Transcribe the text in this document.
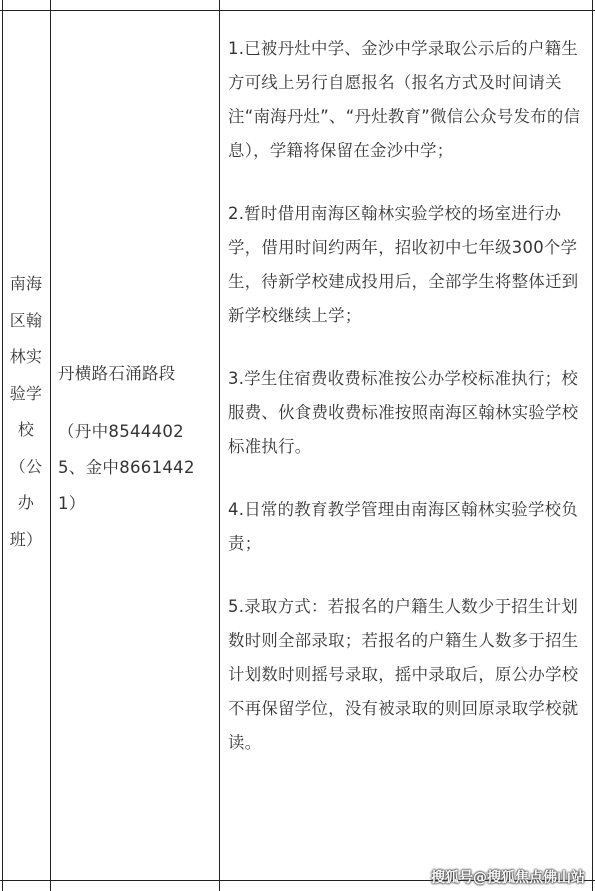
南海
区翰
林实
验学
校
（公
办
班）
丹横路石涌路段
（丹中8544402
5、金中8661442
1）

1.已被丹灶中学、金沙中学录取公示后的户籍生方可线上另行自愿报名（报名方式及时间请关注“南海丹灶”、“丹灶教育”微信公众号发布的信息），学籍将保留在金沙中学；

2.暂时借用南海区翰林实验学校的场室进行办学，借用时间约两年，招收初中七年级300个学生，待新学校建成投用后，全部学生将整体迁到新学校继续上学；

3.学生住宿费收费标准按公办学校标准执行；校服费、伙食费收费标准按照南海区翰林实验学校标准执行。

4.日常的教育教学管理由南海区翰林实验学校负责；

5.录取方式：若报名的户籍生人数少于招生计划数时则全部录取；若报名的户籍生人数多于招生计划数时则摇号录取，摇中录取后，原公办学校不再保留学位，没有被录取的则回原录取学校就读。

搜狐号@搜狐焦点佛山站
